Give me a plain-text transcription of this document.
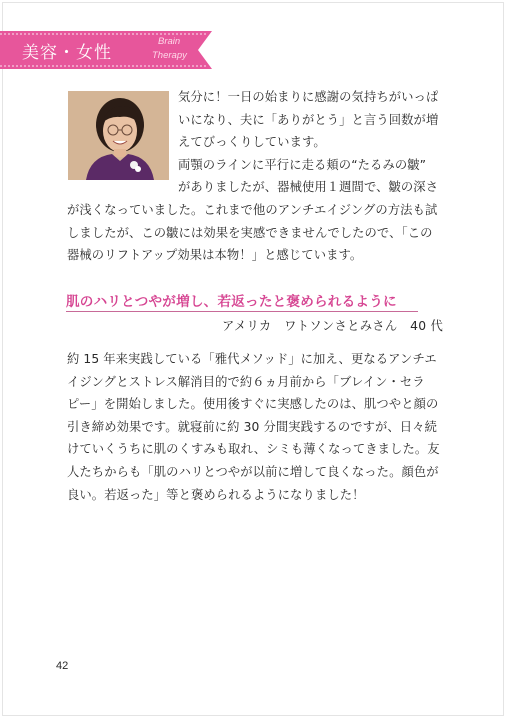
美容・女性
Brain
Therapy
気分に！一日の始まりに感謝の気持ちがいっぱ
いになり、夫に「ありがとう」と言う回数が増
えてびっくりしています。
両顎のラインに平行に走る頬の“たるみの皺”
がありましたが、器械使用１週間で、皺の深さ
が浅くなっていました。これまで他のアンチエイジングの方法も試
しましたが、この皺には効果を実感できませんでしたので、「この
器械のリフトアップ効果は本物！」と感じています。
肌のハリとつやが増し、若返ったと褒められるように
アメリカ　ワトソンさとみさん　40 代
約 15 年来実践している「雅代メソッド」に加え、更なるアンチエ
イジングとストレス解消目的で約６ヵ月前から「ブレイン・セラ
ピー」を開始しました。使用後すぐに実感したのは、肌つやと顔の
引き締め効果です。就寝前に約 30 分間実践するのですが、日々続
けていくうちに肌のくすみも取れ、シミも薄くなってきました。友
人たちからも「肌のハリとつやが以前に増して良くなった。顔色が
良い。若返った」等と褒められるようになりました！
42
